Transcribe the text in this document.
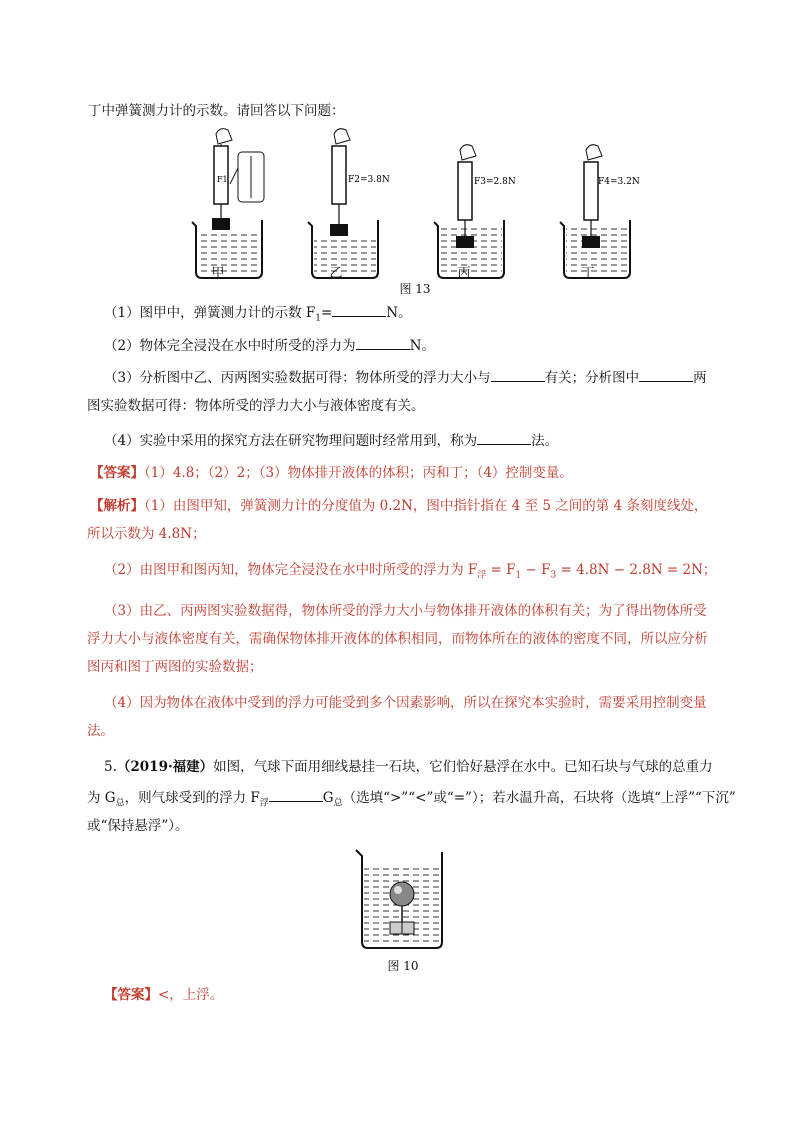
丁中弹簧测力计的示数。请回答以下问题：
F1	F2=3.8N	F3=2.8N	F4=3.2N
甲	乙	丙	丁
图 13
（1）图甲中，弹簧测力计的示数 $F_1=$	N。
（2）物体完全浸没在水中时所受的浮力为	N。
（3）分析图中乙、丙两图实验数据可得：物体所受的浮力大小与	有关；分析图中	两
图实验数据可得：物体所受的浮力大小与液体密度有关。
（4）实验中采用的探究方法在研究物理问题时经常用到，称为	法。
【答案】（1）4.8；（2）2；（3）物体排开液体的体积；丙和丁；（4）控制变量。
【解析】（1）由图甲知，弹簧测力计的分度值为 0.2N，图中指针指在 4 至 5 之间的第 4 条刻度线处，
所以示数为 4.8N；
（2）由图甲和图丙知，物体完全浸没在水中时所受的浮力为 $F_浮 = F_1 - F_3 = 4.8N - 2.8N = 2N$；
（3）由乙、丙两图实验数据得，物体所受的浮力大小与物体排开液体的体积有关；为了得出物体所受
浮力大小与液体密度有关，需确保物体排开液体的体积相同，而物体所在的液体的密度不同，所以应分析
图丙和图丁两图的实验数据；
（4）因为物体在液体中受到的浮力可能受到多个因素影响，所以在探究本实验时，需要采用控制变量
法。
5.（2019·福建）如图，气球下面用细线悬挂一石块，它们恰好悬浮在水中。已知石块与气球的总重力
为 $G_总$，则气球受到的浮力 $F_浮$	$G_总$（选填“>”“<”或“=”）；若水温升高，石块将（选填“上浮”“下沉”
或“保持悬浮”）。
图 10
【答案】<，上浮。
